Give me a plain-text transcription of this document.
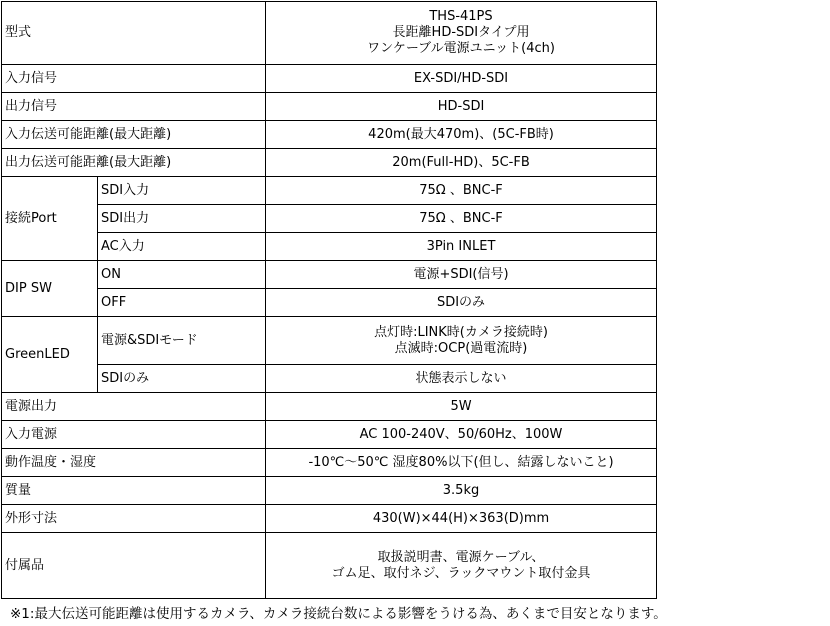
型式		THS-41PS
長距離HD-SDIタイプ用
ワンケーブル電源ユニット(4ch)

入力信号		EX-SDI/HD-SDI
出力信号		HD-SDI
入力伝送可能距離(最大距離)		420m(最大470m)、(5C-FB時)
出力伝送可能距離(最大距離)		20m(Full-HD)、5C-FB
接続Port	SDI入力	75Ω 、BNC-F
	SDI出力	75Ω 、BNC-F
	AC入力	3Pin INLET
DIP SW	ON	電源+SDI(信号)
	OFF	SDIのみ
GreenLED	電源&SDIモード	点灯時:LINK時(カメラ接続時)
点滅時:OCP(過電流時)

	SDIのみ	状態表示しない
電源出力		5W
入力電源		AC 100-240V、50/60Hz、100W
動作温度・湿度		-10℃～50℃ 湿度80%以下(但し、結露しないこと)
質量		3.5kg
外形寸法		430(W)×44(H)×363(D)mm
付属品		取扱説明書、電源ケーブル、
ゴム足、取付ネジ、ラックマウント取付金具
※1:最大伝送可能距離は使用するカメラ、カメラ接続台数による影響をうける為、あくまで目安となります。
